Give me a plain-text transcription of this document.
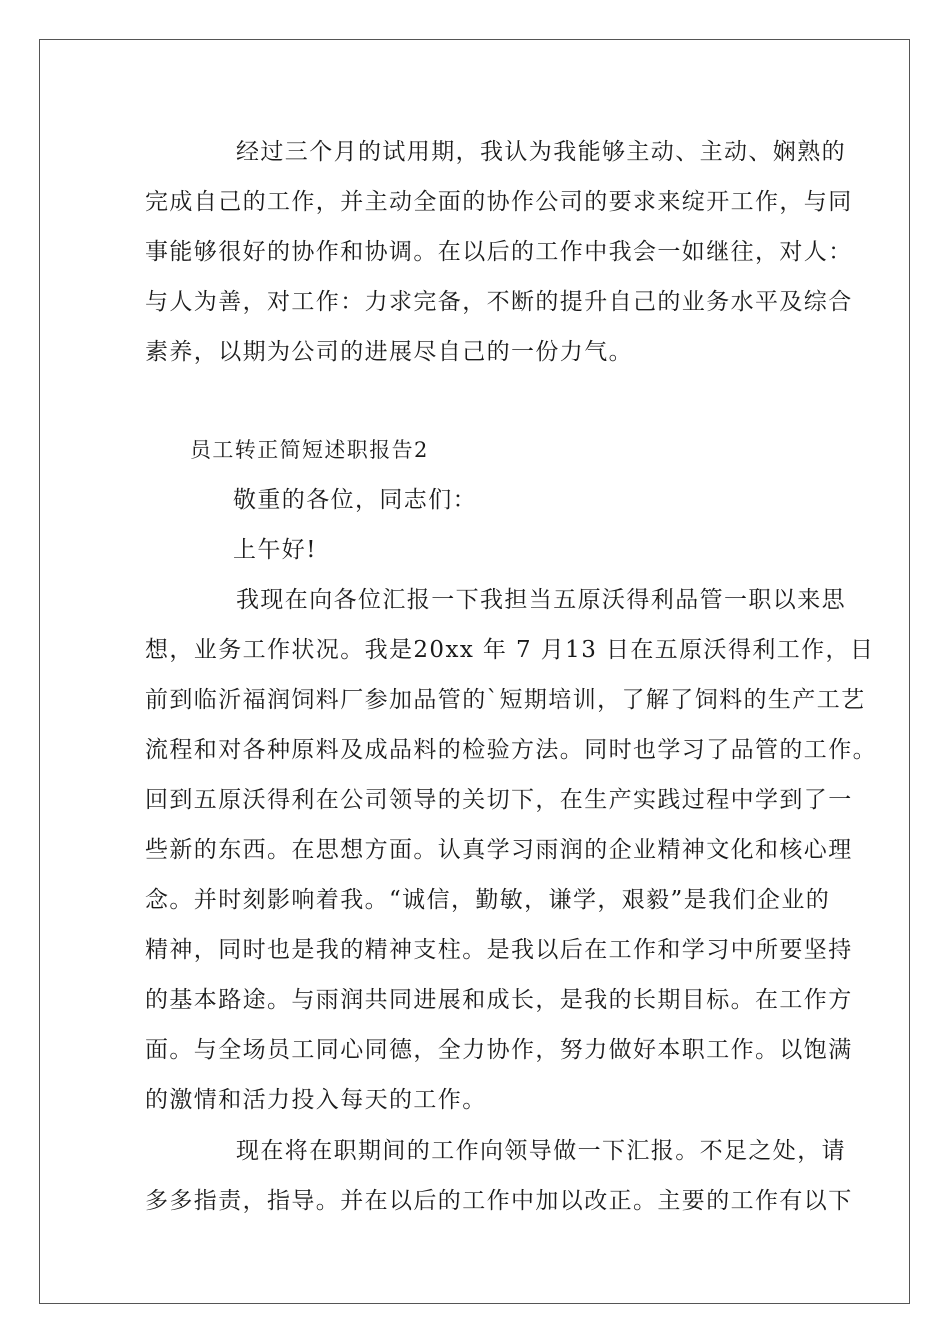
经过三个月的试用期，我认为我能够主动、主动、娴熟的
完成自己的工作，并主动全面的协作公司的要求来绽开工作，与同
事能够很好的协作和协调。在以后的工作中我会一如继往，对人：
与人为善，对工作：力求完备，不断的提升自己的业务水平及综合
素养，以期为公司的进展尽自己的一份力气。
员工转正简短述职报告2
敬重的各位，同志们：
上午好!
我现在向各位汇报一下我担当五原沃得利品管一职以来思
想，业务工作状况。我是20xx 年 7 月13 日在五原沃得利工作，日
前到临沂福润饲料厂参加品管的`短期培训，了解了饲料的生产工艺
流程和对各种原料及成品料的检验方法。同时也学习了品管的工作。
回到五原沃得利在公司领导的关切下，在生产实践过程中学到了一
些新的东西。在思想方面。认真学习雨润的企业精神文化和核心理
念。并时刻影响着我。“诚信，勤敏，谦学，艰毅”是我们企业的
精神，同时也是我的精神支柱。是我以后在工作和学习中所要坚持
的基本路途。与雨润共同进展和成长，是我的长期目标。在工作方
面。与全场员工同心同德，全力协作，努力做好本职工作。以饱满
的激情和活力投入每天的工作。
现在将在职期间的工作向领导做一下汇报。不足之处，请
多多指责，指导。并在以后的工作中加以改正。主要的工作有以下
